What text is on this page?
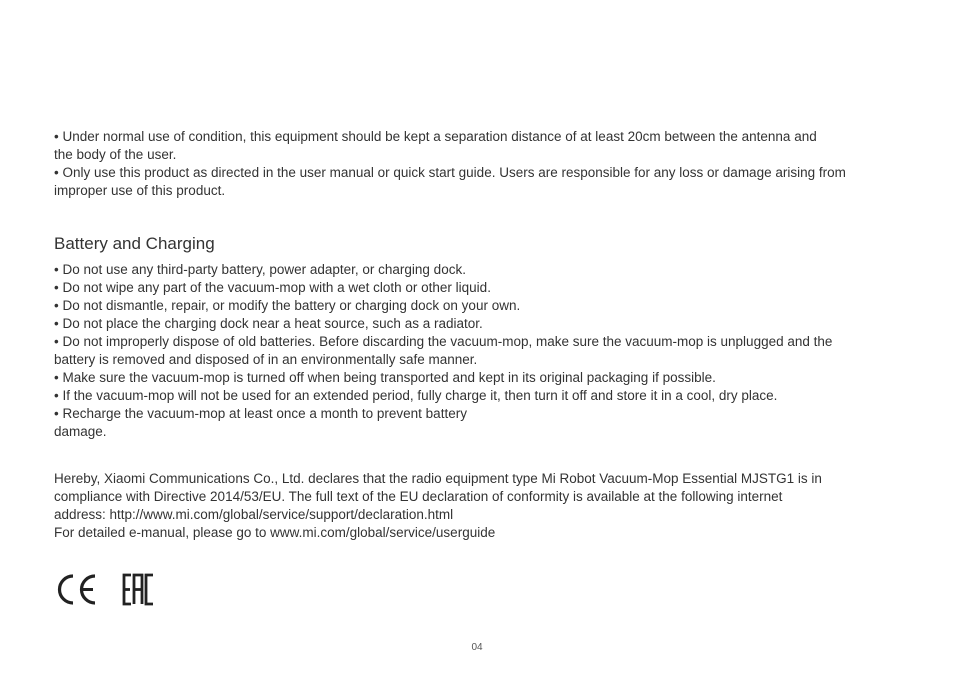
• Under normal use of condition, this equipment should be kept a separation distance of at least 20cm between the antenna and
the body of the user.
• Only use this product as directed in the user manual or quick start guide. Users are responsible for any loss or damage arising from
improper use of this product.
Battery and Charging
• Do not use any third-party battery, power adapter, or charging dock.
• Do not wipe any part of the vacuum-mop with a wet cloth or other liquid.
• Do not dismantle, repair, or modify the battery or charging dock on your own.
• Do not place the charging dock near a heat source, such as a radiator.
• Do not improperly dispose of old batteries. Before discarding the vacuum-mop, make sure the vacuum-mop is unplugged and the
battery is removed and disposed of in an environmentally safe manner.
• Make sure the vacuum-mop is turned off when being transported and kept in its original packaging if possible.
• If the vacuum-mop will not be used for an extended period, fully charge it, then turn it off and store it in a cool, dry place.
• Recharge the vacuum-mop at least once a month to prevent battery
damage.
Hereby, Xiaomi Communications Co., Ltd. declares that the radio equipment type Mi Robot Vacuum-Mop Essential MJSTG1 is in
compliance with Directive 2014/53/EU. The full text of the EU declaration of conformity is available at the following internet
address: http://www.mi.com/global/service/support/declaration.html
For detailed e-manual, please go to www.mi.com/global/service/userguide
04
